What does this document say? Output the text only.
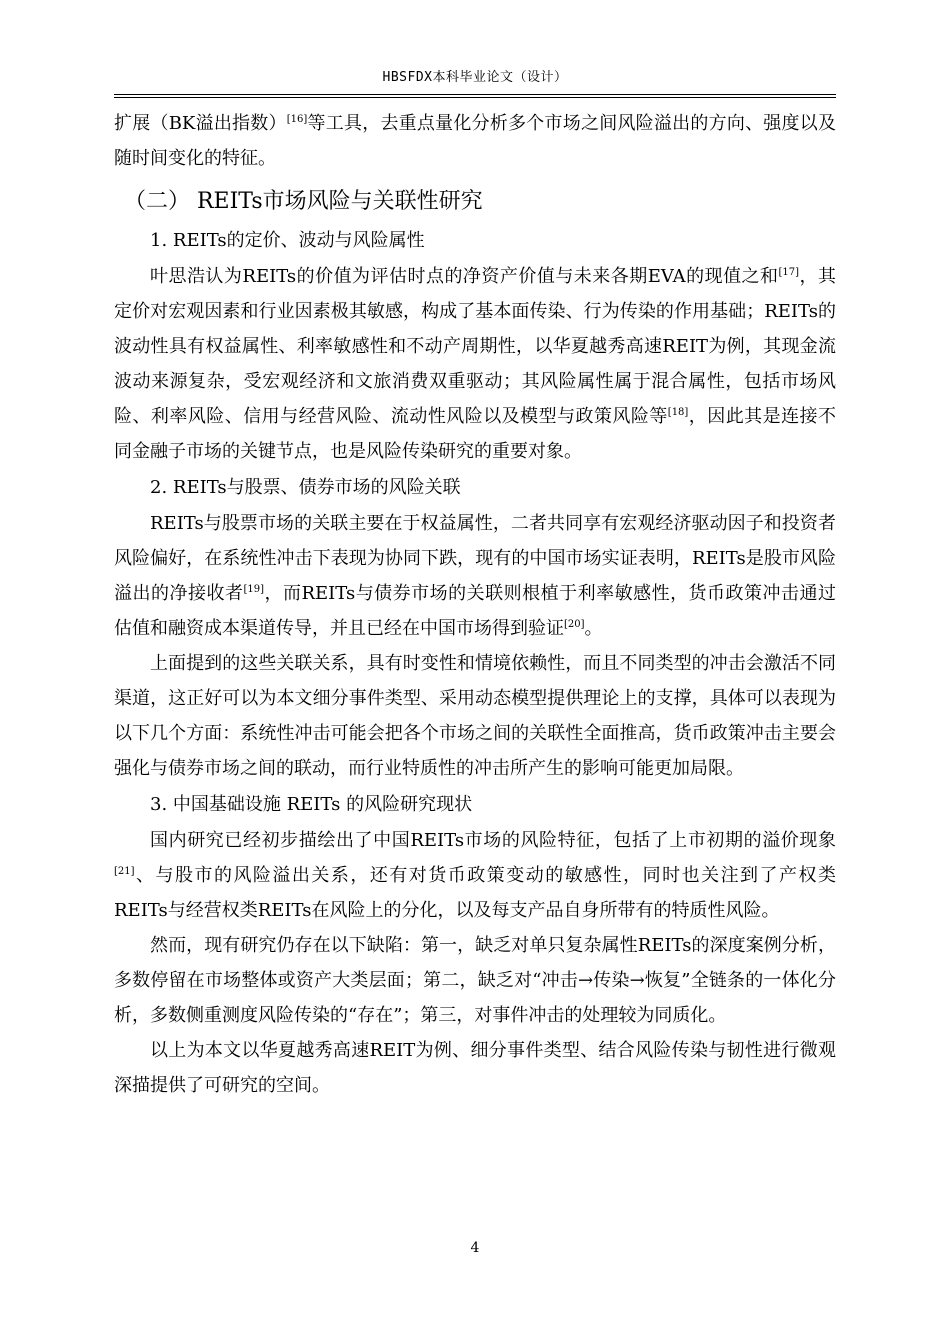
HBSFDX本科毕业论文（设计）

扩展（BK溢出指数）[16]等工具，去重点量化分析多个市场之间风险溢出的方向、强度以及随时间变化的特征。

（二） REITs市场风险与关联性研究
1. REITs的定价、波动与风险属性

叶思浩认为REITs的价值为评估时点的净资产价值与未来各期EVA的现值之和[17]，其定价对宏观因素和行业因素极其敏感，构成了基本面传染、行为传染的作用基础；REITs的波动性具有权益属性、利率敏感性和不动产周期性，以华夏越秀高速REIT为例，其现金流波动来源复杂，受宏观经济和文旅消费双重驱动；其风险属性属于混合属性，包括市场风险、利率风险、信用与经营风险、流动性风险以及模型与政策风险等[18]，因此其是连接不同金融子市场的关键节点，也是风险传染研究的重要对象。

2. REITs与股票、债券市场的风险关联

REITs与股票市场的关联主要在于权益属性，二者共同享有宏观经济驱动因子和投资者风险偏好，在系统性冲击下表现为协同下跌，现有的中国市场实证表明，REITs是股市风险溢出的净接收者[19]，而REITs与债券市场的关联则根植于利率敏感性，货币政策冲击通过估值和融资成本渠道传导，并且已经在中国市场得到验证[20]。

上面提到的这些关联关系，具有时变性和情境依赖性，而且不同类型的冲击会激活不同渠道，这正好可以为本文细分事件类型、采用动态模型提供理论上的支撑，具体可以表现为以下几个方面：系统性冲击可能会把各个市场之间的关联性全面推高，货币政策冲击主要会强化与债券市场之间的联动，而行业特质性的冲击所产生的影响可能更加局限。

3. 中国基础设施 REITs 的风险研究现状

国内研究已经初步描绘出了中国REITs市场的风险特征，包括了上市初期的溢价现象[21]、与股市的风险溢出关系，还有对货币政策变动的敏感性，同时也关注到了产权类REITs与经营权类REITs在风险上的分化，以及每支产品自身所带有的特质性风险。

然而，现有研究仍存在以下缺陷：第一，缺乏对单只复杂属性REITs的深度案例分析，多数停留在市场整体或资产大类层面；第二，缺乏对“冲击→传染→恢复”全链条的一体化分析，多数侧重测度风险传染的“存在”；第三，对事件冲击的处理较为同质化。

以上为本文以华夏越秀高速REIT为例、细分事件类型、结合风险传染与韧性进行微观深描提供了可研究的空间。

4
